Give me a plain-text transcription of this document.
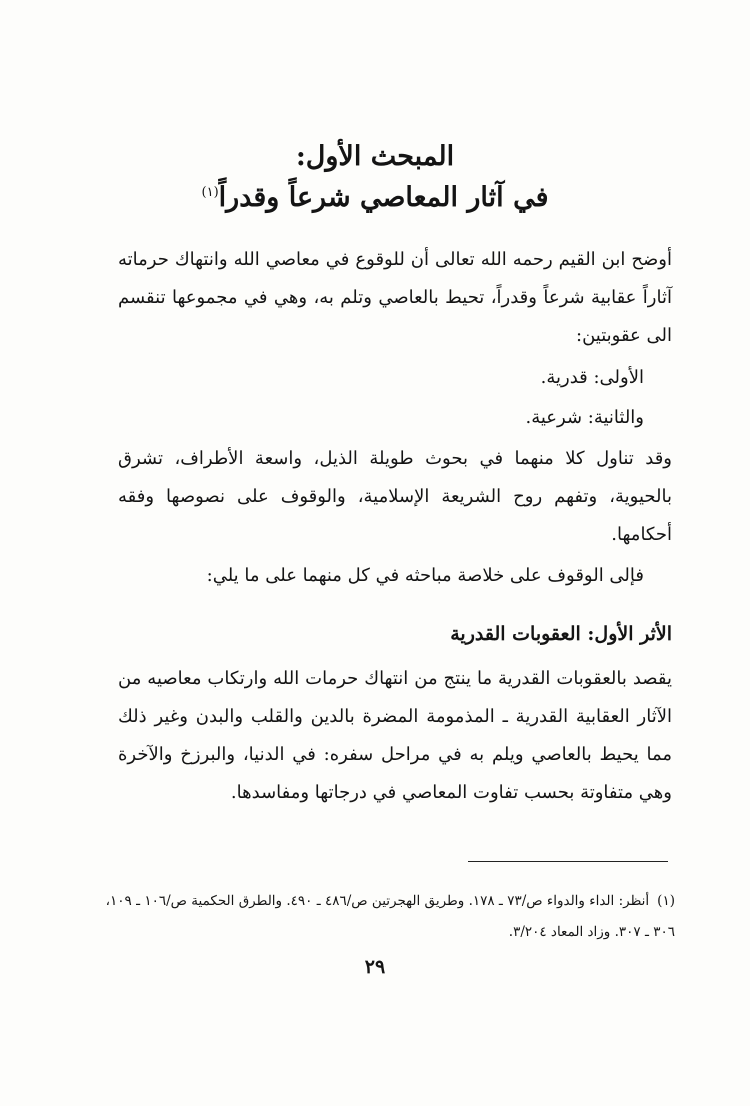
المبحث الأول:
في آثار المعاصي شرعاً وقدراً$^{(١)}$
أوضح ابن القيم رحمه الله تعالى أن للوقوع في معاصي الله وانتهاك حرماته آثاراً عقابية شرعاً وقدراً، تحيط بالعاصي وتلم به، وهي في مجموعها تنقسم الى عقوبتين:
الأولى: قدرية.
والثانية: شرعية.
وقد تناول كلا منهما في بحوث طويلة الذيل، واسعة الأطراف، تشرق بالحيوية، وتفهم روح الشريعة الإسلامية، والوقوف على نصوصها وفقه أحكامها.
فإلى الوقوف على خلاصة مباحثه في كل منهما على ما يلي:
الأثر الأول: العقوبات القدرية
يقصد بالعقوبات القدرية ما ينتج من انتهاك حرمات الله وارتكاب معاصيه من الآثار العقابية القدرية ـ المذمومة المضرة بالدين والقلب والبدن وغير ذلك مما يحيط بالعاصي ويلم به في مراحل سفره: في الدنيا، والبرزخ والآخرة وهي متفاوتة بحسب تفاوت المعاصي في درجاتها ومفاسدها.
(١)أنظر: الداء والدواء ص/٧٣ ـ ١٧٨. وطريق الهجرتين ص/٤٨٦ ـ ٤٩٠. والطرق الحكمية ص/١٠٦ ـ ١٠٩، ٣٠٦ ـ ٣٠٧. وزاد المعاد ٣/٢٠٤.
٢٩
